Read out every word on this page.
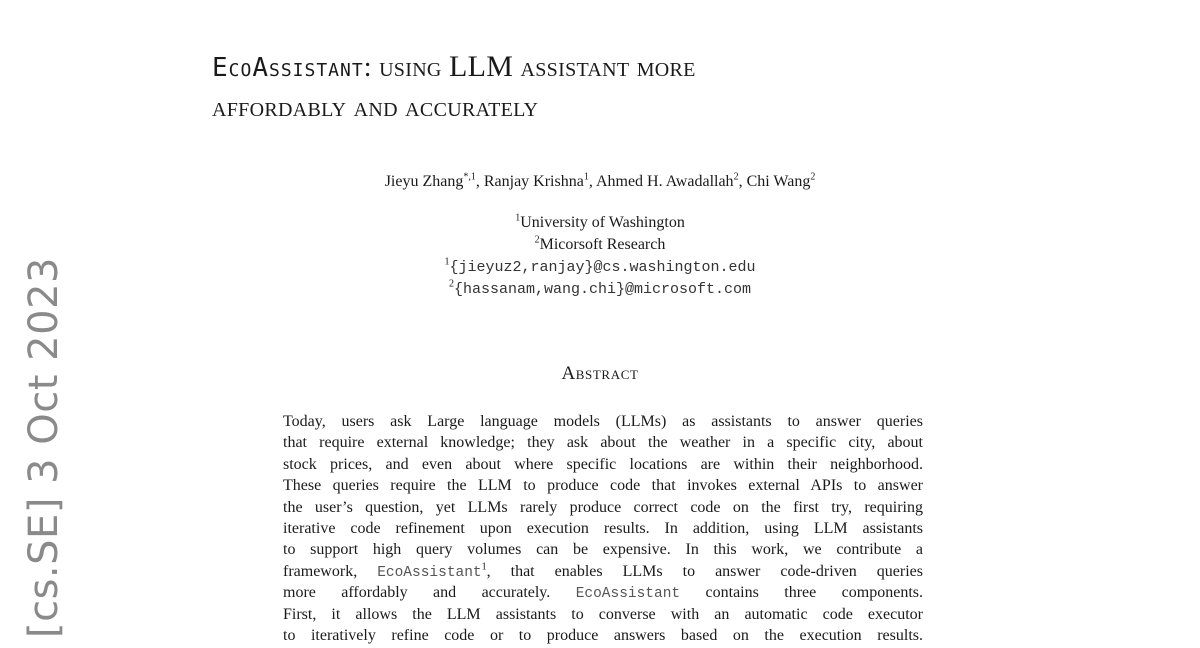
[cs.SE] 3 Oct 2023
EcoAssistant: using LLM assistant more
affordably and accurately
Jieyu Zhang$^{*,1}$, Ranjay Krishna$^1$, Ahmed H. Awadallah$^2$, Chi Wang$^2$
$^1$University of Washington
$^2$Micorsoft Research
$^1${jieyuz2,ranjay}@cs.washington.edu
$^2${hassanam,wang.chi}@microsoft.com
Abstract
Today, users ask Large language models (LLMs) as assistants to answer queries
that require external knowledge; they ask about the weather in a specific city, about
stock prices, and even about where specific locations are within their neighborhood.
These queries require the LLM to produce code that invokes external APIs to answer
the user’s question, yet LLMs rarely produce correct code on the first try, requiring
iterative code refinement upon execution results. In addition, using LLM assistants
to support high query volumes can be expensive. In this work, we contribute a
framework, EcoAssistant$^1$, that enables LLMs to answer code-driven queries
more affordably and accurately. EcoAssistant contains three components.
First, it allows the LLM assistants to converse with an automatic code executor
to iteratively refine code or to produce answers based on the execution results.
